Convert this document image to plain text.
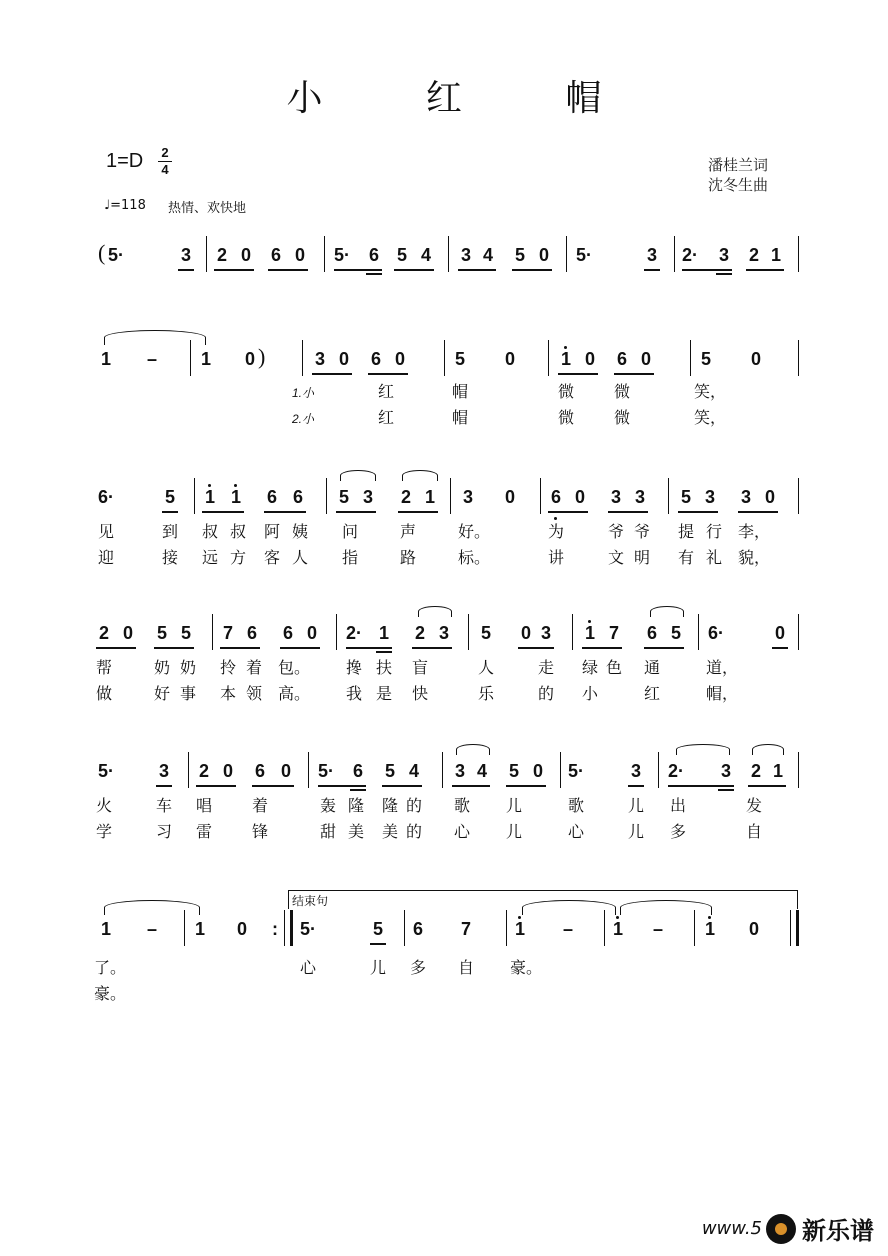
小 红 帽
1=D 2
4	潘桂兰词
沈冬生曲
♩=118 热情、欢快地
( 5·	3 2 0 6 0 5· 6 5 4 3 4 5 0 5·	3 2· 3 2 1
1 – 1 0 )	3 0 6 0	5 0	1 0 6 0	5 0
1.小
2.小
红	帽	微 微	笑，
红	帽	微 微	笑，
6·	5 1 1 6 6 5 3 2 1 3 0 6 0 3 3 5 3 3 0
见	到 叔 叔 阿 姨 问	声	好。	为	爷 爷 提 行 李，
迎	接 远 方 客 人 指	路	标。	讲	文 明 有 礼 貌，
2 0 5 5 7 6 6 0 2· 1 2 3 5 0 3 1 7 6 5 6·	0
帮	奶 奶 拎 着 包。 搀 扶 盲	人	走 绿 色 通	道，
做	好 事 本 领 高。 我 是 快	乐	的 小	红	帽，
5· 3 2 0 6 0 5· 6 5 4 3 4 5 0 5·	3 2· 3 2 1
火	车 唱 着	轰 隆 隆 的 歌 儿	歌	儿 出	发
学	习 雷 锋	甜 美 美 的 心 儿	心	儿 多	自
结束句
1 – 1 0 : 5·	5 6 7 1 – 1 – 1 0
了。	心	儿 多 自 豪。
豪。
www.5 新乐谱
